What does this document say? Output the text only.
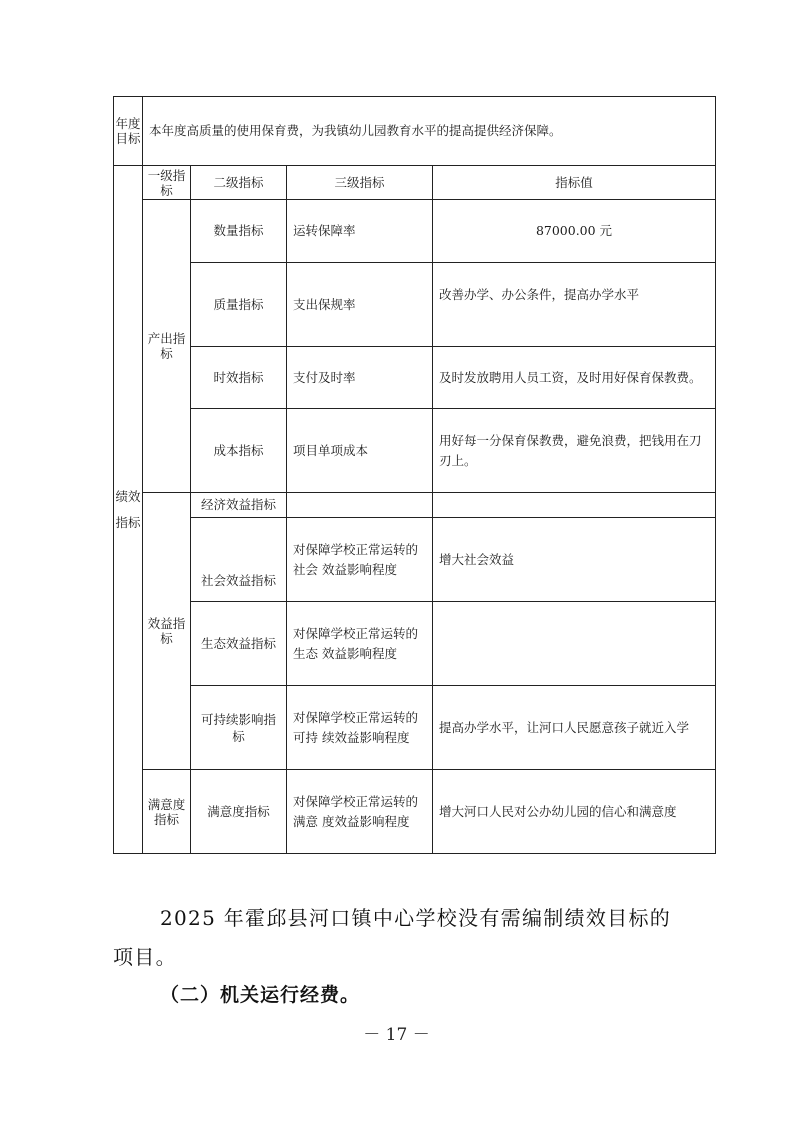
年度目标	本年度高质量的使用保育费，为我镇幼儿园教育水平的提高提供经济保障。			
绩效指标	一级指标	二级指标	三级指标	指标值
	产出指标	数量指标	运转保障率	87000.00 元
		质量指标	支出保规率	改善办学、办公条件，提高办学水平
		时效指标	支付及时率	及时发放聘用人员工资，及时用好保育保教费。
		成本指标	项目单项成本	用好每一分保育保教费，避免浪费，把钱用在刀刃上。
	效益指标	经济效益指标		
		社会效益指标	对保障学校正常运转的社会 效益影响程度	增大社会效益
		生态效益指标	对保障学校正常运转的生态 效益影响程度	
		可持续影响指标	对保障学校正常运转的可持 续效益影响程度	提高办学水平，让河口人民愿意孩子就近入学
	满意度指标	满意度指标	对保障学校正常运转的满意 度效益影响程度	增大河口人民对公办幼儿园的信心和满意度
2025 年霍邱县河口镇中心学校没有需编制绩效目标的
项目。
（二）机关运行经费。
－ 17 －
